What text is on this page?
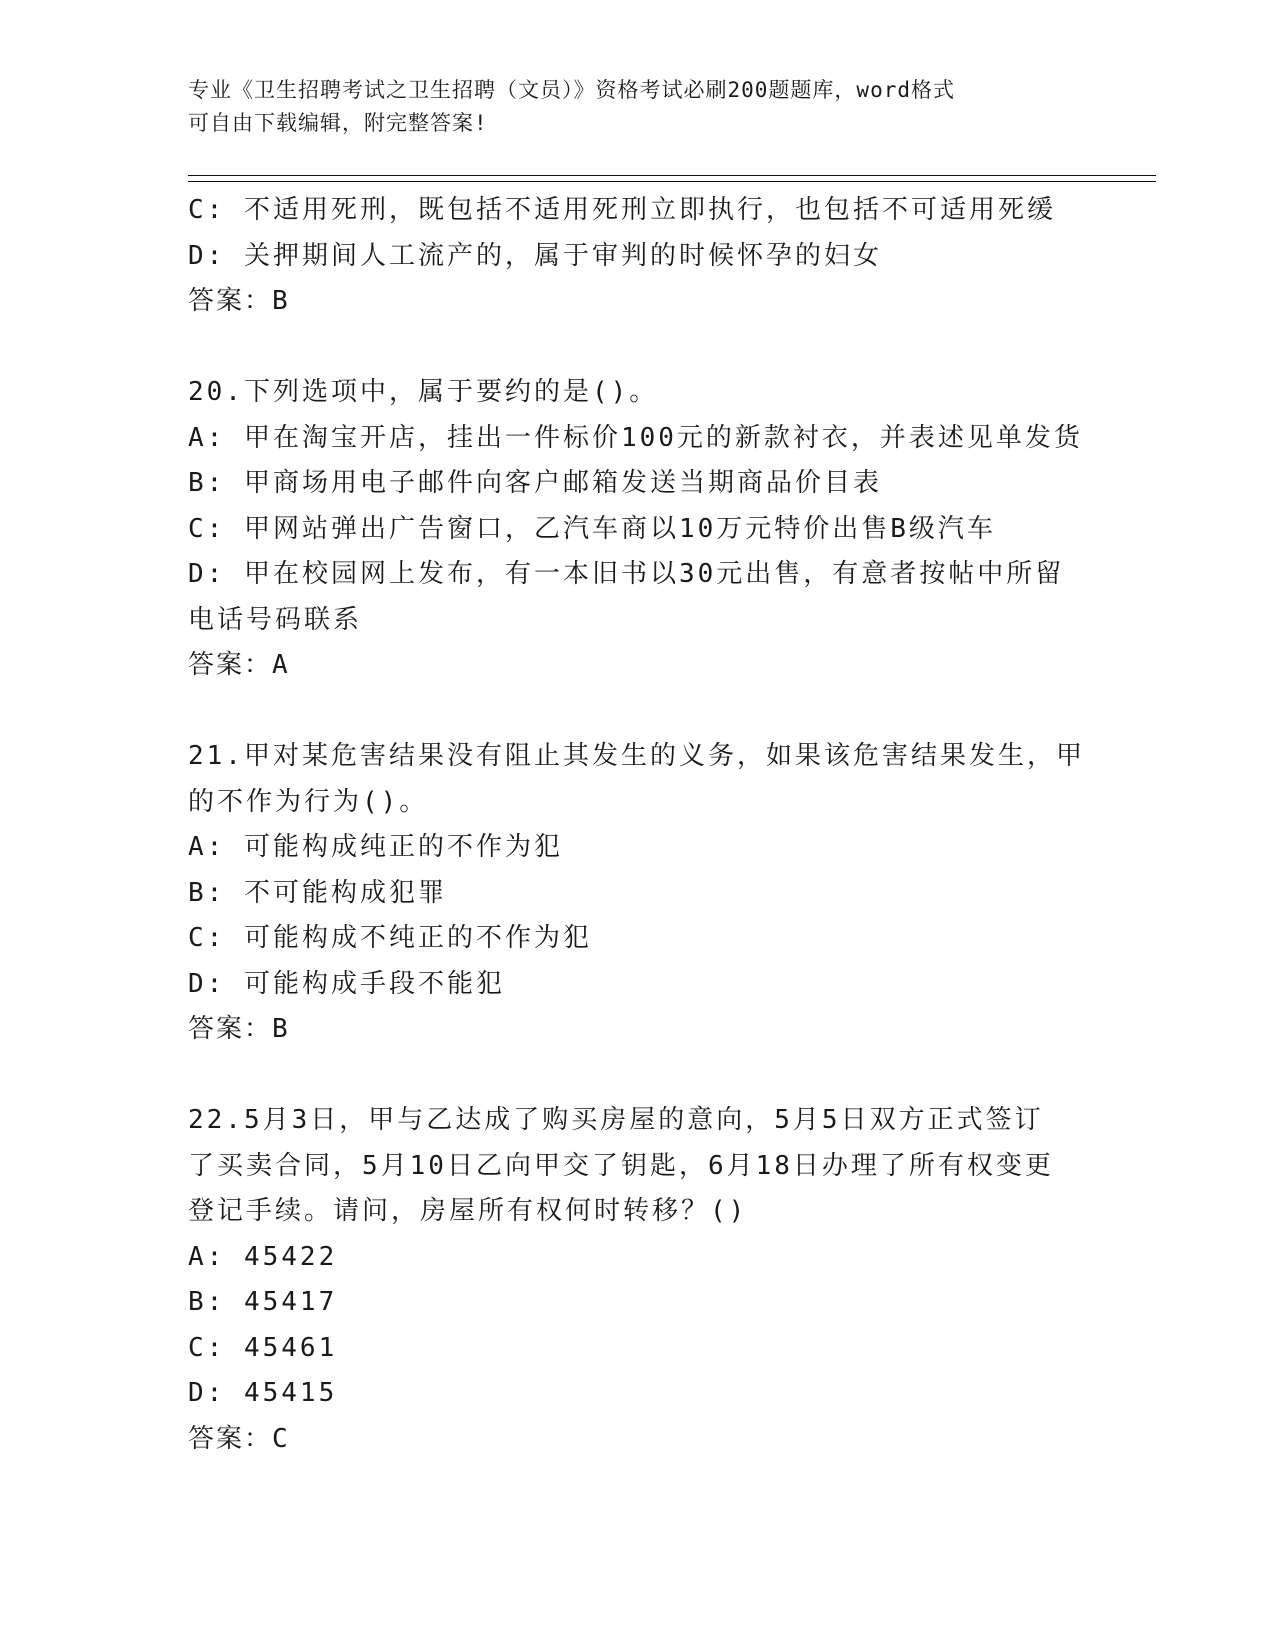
专业《卫生招聘考试之卫生招聘（文员）》资格考试必刷200题题库，word格式
可自由下载编辑，附完整答案!
C: 不适用死刑，既包括不适用死刑立即执行，也包括不可适用死缓
D: 关押期间人工流产的，属于审判的时候怀孕的妇女
答案：B
20.下列选项中，属于要约的是()。
A: 甲在淘宝开店，挂出一件标价100元的新款衬衣，并表述见单发货
B: 甲商场用电子邮件向客户邮箱发送当期商品价目表
C: 甲网站弹出广告窗口，乙汽车商以10万元特价出售B级汽车
D: 甲在校园网上发布，有一本旧书以30元出售，有意者按帖中所留
电话号码联系
答案：A
21.甲对某危害结果没有阻止其发生的义务，如果该危害结果发生，甲
的不作为行为()。
A: 可能构成纯正的不作为犯
B: 不可能构成犯罪
C: 可能构成不纯正的不作为犯
D: 可能构成手段不能犯
答案：B
22.5月3日，甲与乙达成了购买房屋的意向，5月5日双方正式签订
了买卖合同，5月10日乙向甲交了钥匙，6月18日办理了所有权变更
登记手续。请问，房屋所有权何时转移？()
A: 45422
B: 45417
C: 45461
D: 45415
答案：C
